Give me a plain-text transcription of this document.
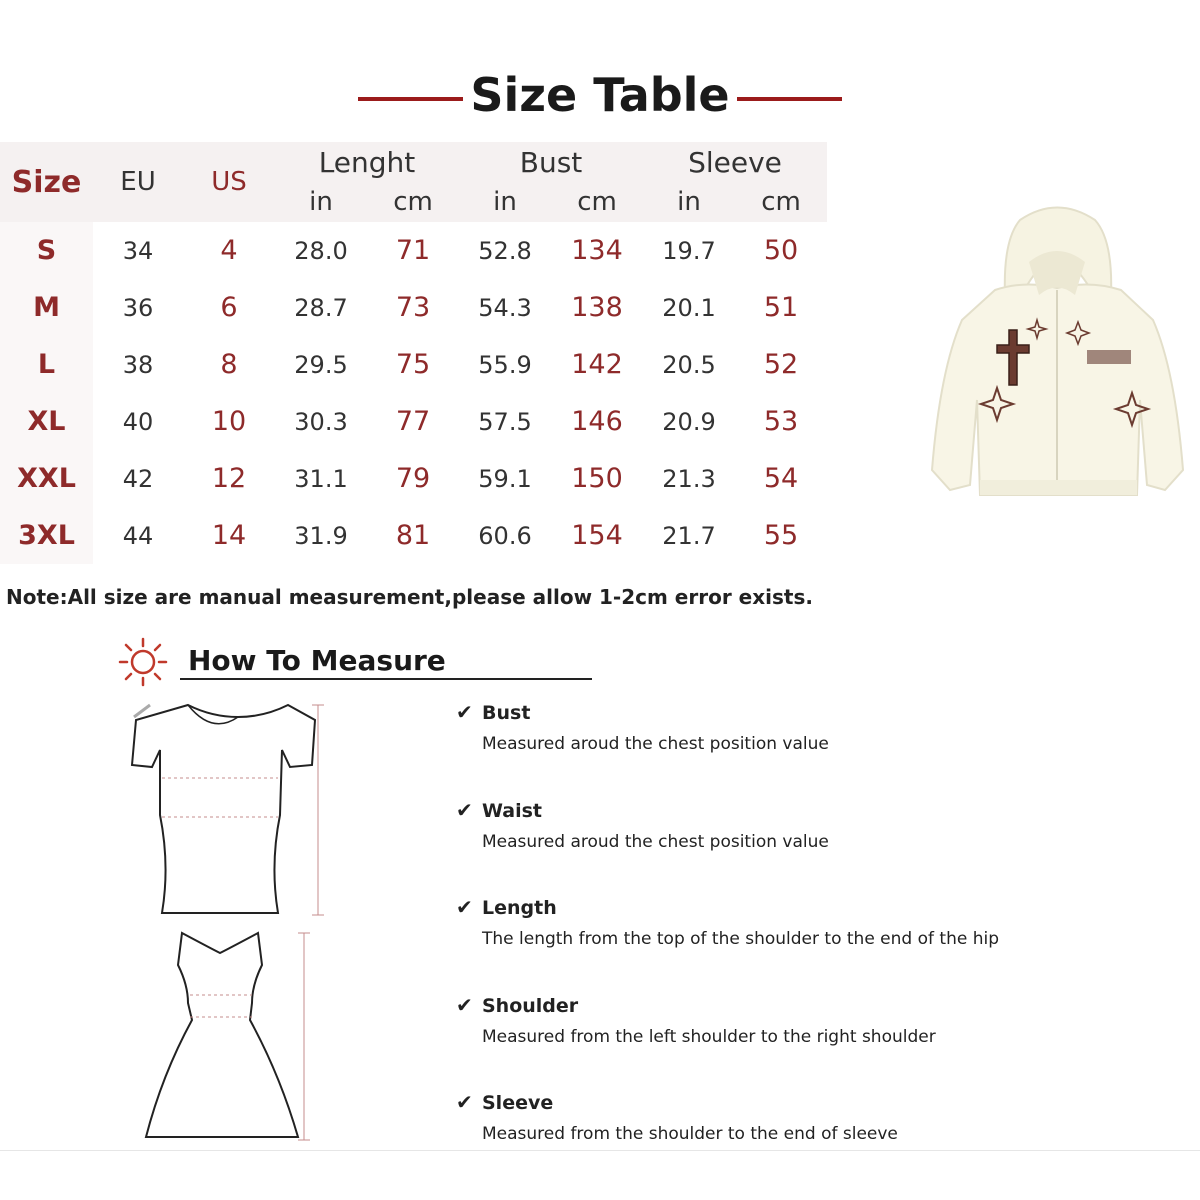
Size Table
Size	EU	US	Lenght		Bust		Sleeve	
			in	cm	in	cm	in	cm
S	34	4	28.0	71	52.8	134	19.7	50
M	36	6	28.7	73	54.3	138	20.1	51
L	38	8	29.5	75	55.9	142	20.5	52
XL	40	10	30.3	77	57.5	146	20.9	53
XXL	42	12	31.1	79	59.1	150	21.3	54
3XL	44	14	31.9	81	60.6	154	21.7	55
Note:All size are manual measurement,please allow 1-2cm error exists.
How To Measure
✔ Bust
Measured aroud the chest position value
✔ Waist
Measured aroud the chest position value
✔ Length
The length from the top of the shoulder to the end of the hip
✔ Shoulder
Measured from the left shoulder to the right shoulder
✔ Sleeve
Measured from the shoulder to the end of sleeve
